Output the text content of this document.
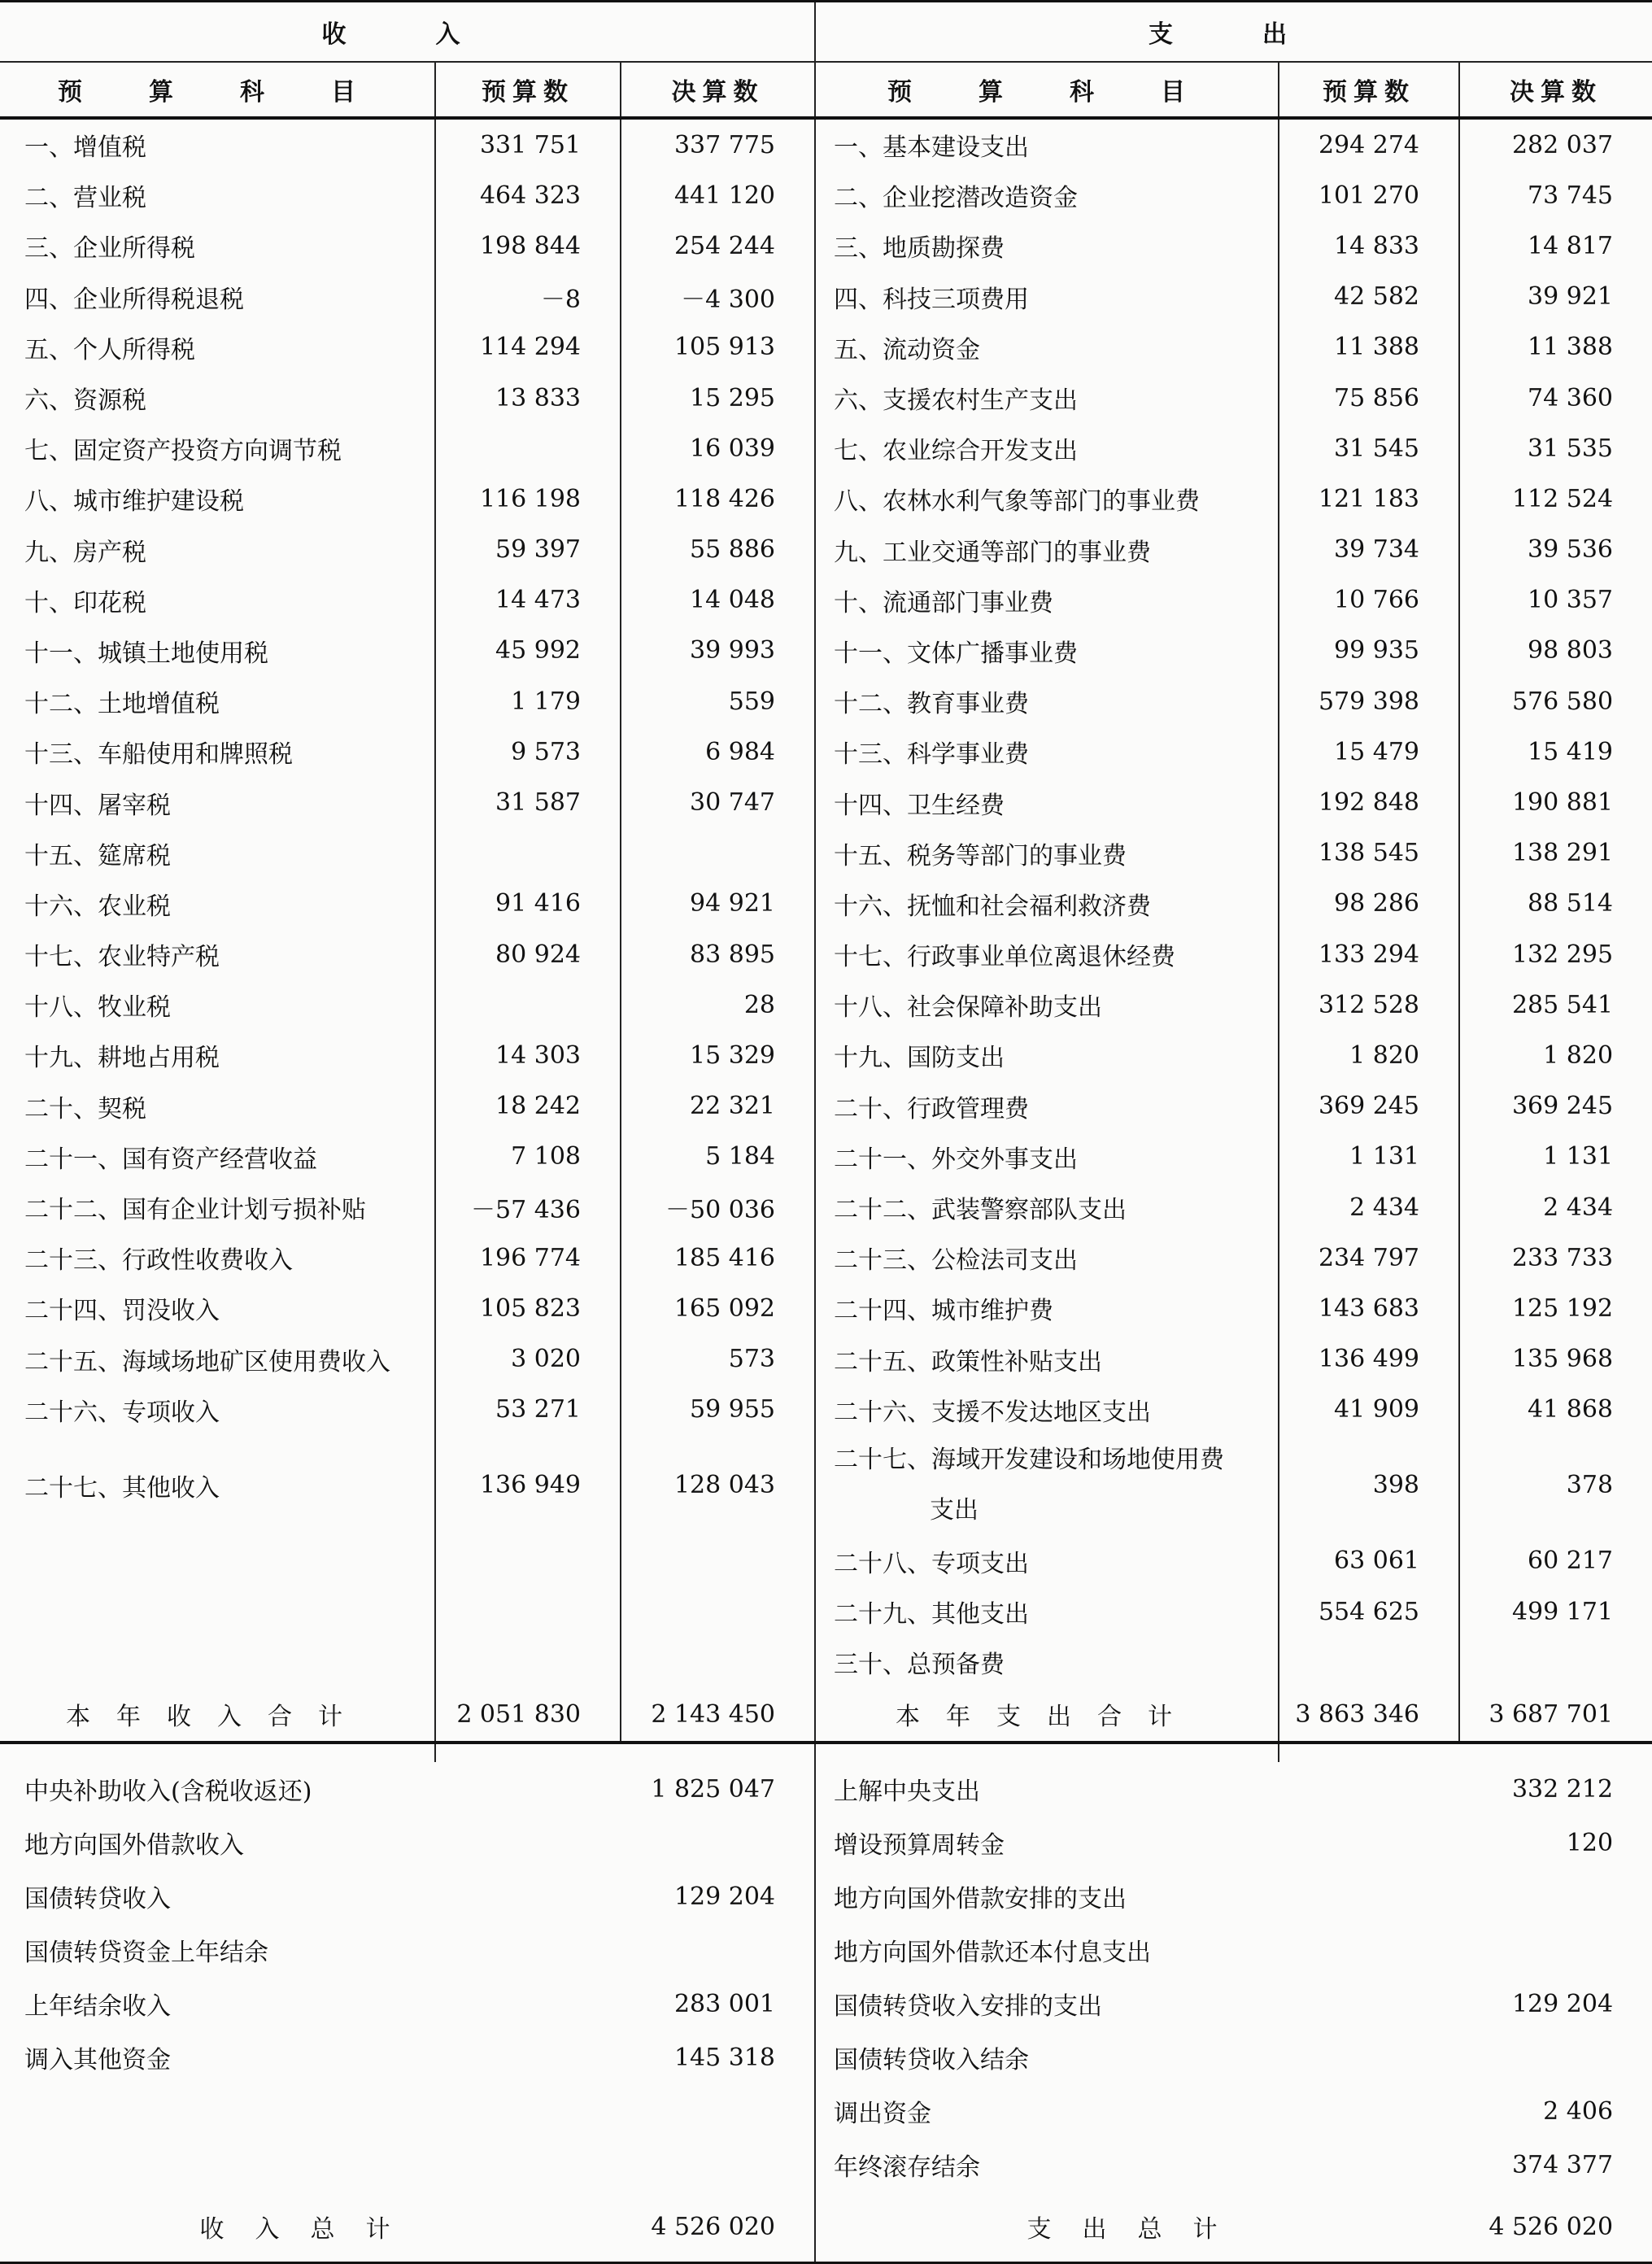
收　入			支　出		
预　算　科　目	预算数	决算数	预　算　科　目	预算数	决算数
一、增值税	331 751	337 775	一、基本建设支出	294 274	282 037
二、营业税	464 323	441 120	二、企业挖潜改造资金	101 270	73 745
三、企业所得税	198 844	254 244	三、地质勘探费	14 833	14 817
四、企业所得税退税	－8	－4 300	四、科技三项费用	42 582	39 921
五、个人所得税	114 294	105 913	五、流动资金	11 388	11 388
六、资源税	13 833	15 295	六、支援农村生产支出	75 856	74 360
七、固定资产投资方向调节税		16 039	七、农业综合开发支出	31 545	31 535
八、城市维护建设税	116 198	118 426	八、农林水利气象等部门的事业费	121 183	112 524
九、房产税	59 397	55 886	九、工业交通等部门的事业费	39 734	39 536
十、印花税	14 473	14 048	十、流通部门事业费	10 766	10 357
十一、城镇土地使用税	45 992	39 993	十一、文体广播事业费	99 935	98 803
十二、土地增值税	1 179	559	十二、教育事业费	579 398	576 580
十三、车船使用和牌照税	9 573	6 984	十三、科学事业费	15 479	15 419
十四、屠宰税	31 587	30 747	十四、卫生经费	192 848	190 881
十五、筵席税			十五、税务等部门的事业费	138 545	138 291
十六、农业税	91 416	94 921	十六、抚恤和社会福利救济费	98 286	88 514
十七、农业特产税	80 924	83 895	十七、行政事业单位离退休经费	133 294	132 295
十八、牧业税		28	十八、社会保障补助支出	312 528	285 541
十九、耕地占用税	14 303	15 329	十九、国防支出	1 820	1 820
二十、契税	18 242	22 321	二十、行政管理费	369 245	369 245
二十一、国有资产经营收益	7 108	5 184	二十一、外交外事支出	1 131	1 131
二十二、国有企业计划亏损补贴	－57 436	－50 036	二十二、武装警察部队支出	2 434	2 434
二十三、行政性收费收入	196 774	185 416	二十三、公检法司支出	234 797	233 733
二十四、罚没收入	105 823	165 092	二十四、城市维护费	143 683	125 192
二十五、海域场地矿区使用费收入	3 020	573	二十五、政策性补贴支出	136 499	135 968
二十六、专项收入	53 271	59 955	二十六、支援不发达地区支出	41 909	41 868
二十七、其他收入	136 949	128 043	二十七、海域开发建设和场地使用费
支出	398	378
			二十八、专项支出	63 061	60 217
			二十九、其他支出	554 625	499 171
			三十、总预备费		
本年收入合计	2 051 830	2 143 450	本年支出合计	3 863 346	3 687 701

中央补助收入(含税收返还)		1 825 047	上解中央支出		332 212
地方向国外借款收入			增设预算周转金		120
国债转贷收入		129 204	地方向国外借款安排的支出		
国债转贷资金上年结余			地方向国外借款还本付息支出		
上年结余收入		283 001	国债转贷收入安排的支出		129 204
调入其他资金		145 318	国债转贷收入结余		
			调出资金		2 406
			年终滚存结余		374 377
收入总计		4 526 020	支出总计		4 526 020
